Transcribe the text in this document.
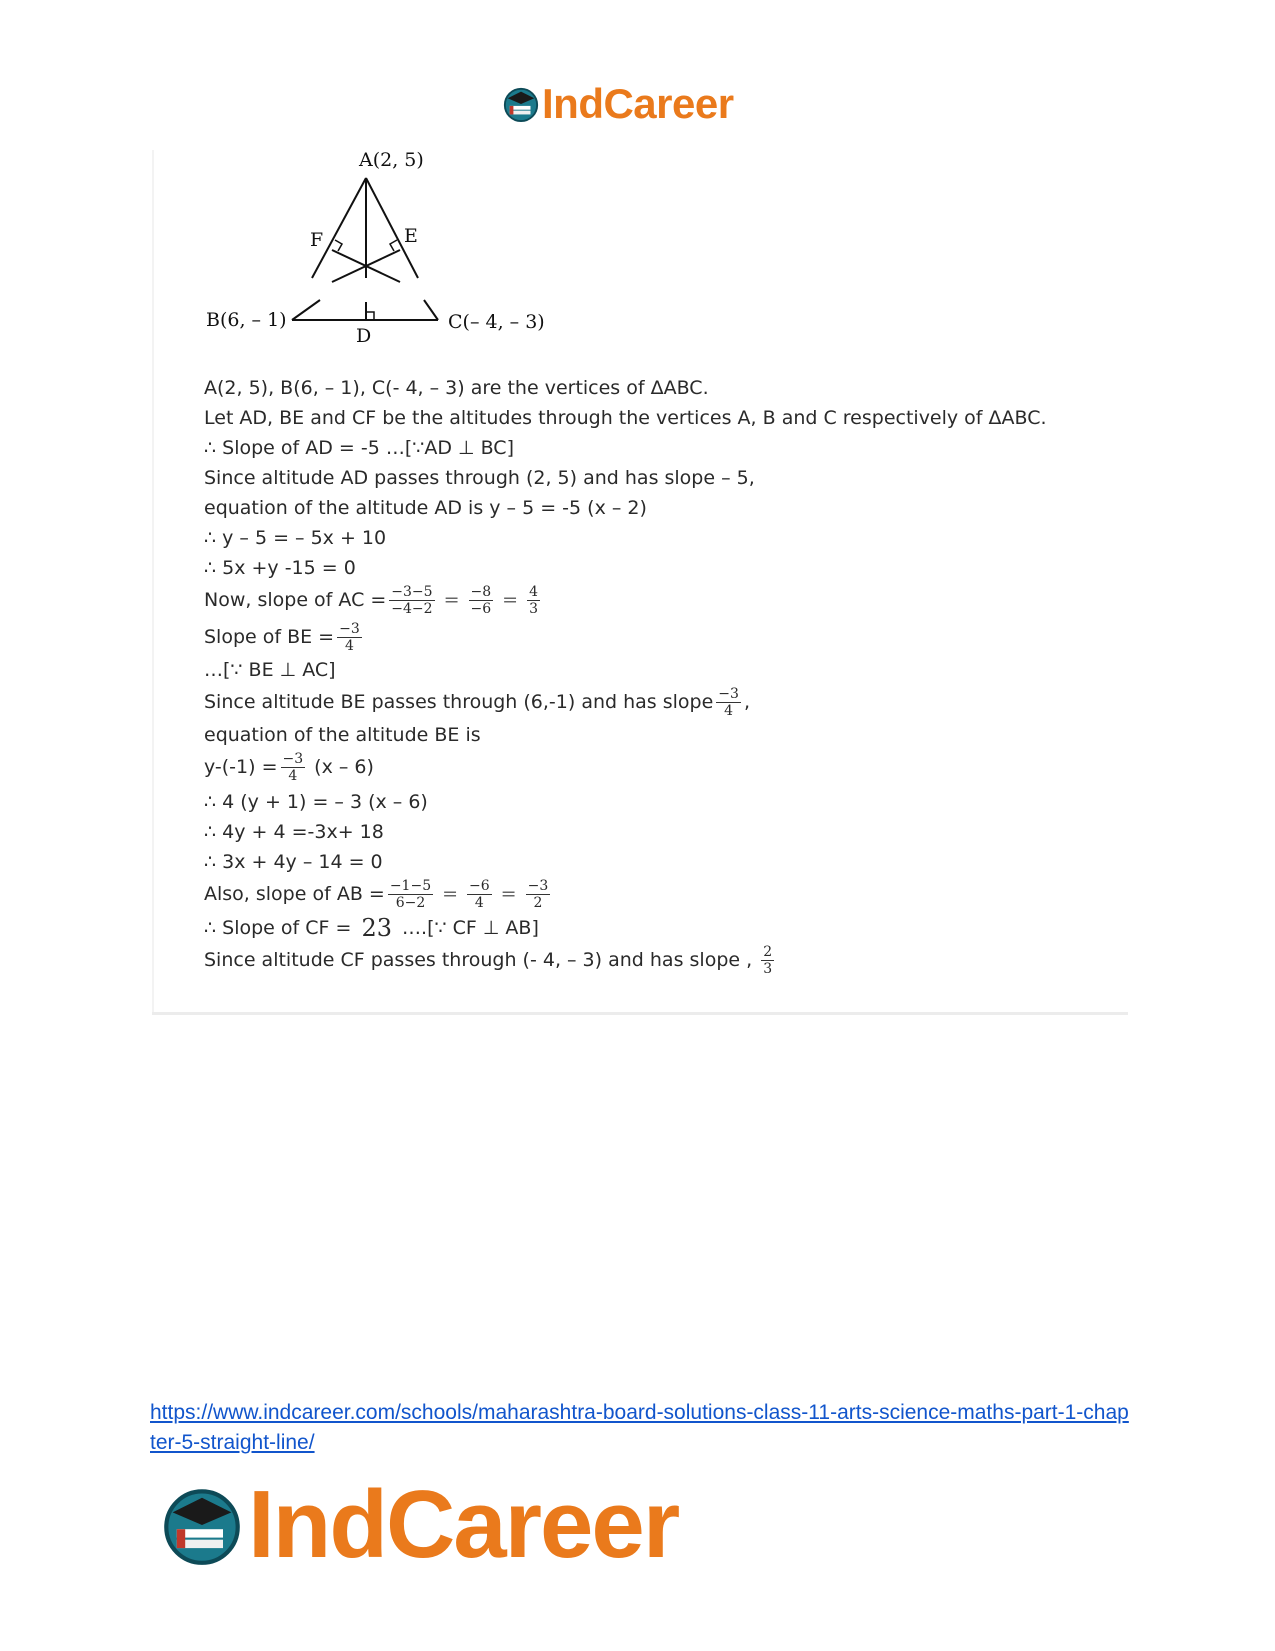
IndCareer
A(2, 5)
F	E
B(6, – 1)
D
C(– 4, – 3)
A(2, 5), B(6, – 1), C(- 4, – 3) are the vertices of ΔABC.
Let AD, BE and CF be the altitudes through the vertices A, B and C respectively of ΔABC.
∴ Slope of AD = -5 …[∵AD ⊥ BC]
Since altitude AD passes through (2, 5) and has slope – 5,
equation of the altitude AD is y – 5 = -5 (x – 2)
∴ y – 5 = – 5x + 10
∴ 5x +y -15 = 0
Now, slope of AC = $\frac{-3-5}{-4-2} = \frac{-8}{-6} = \frac{4}{3}$
Slope of BE = $\frac{-3}{4}$
…[∵ BE ⊥ AC]
Since altitude BE passes through (6,-1) and has slope $\frac{-3}{4}$ ,
equation of the altitude BE is
$y-(-1) = \frac{-3}{4} (x - 6)$
∴ 4 (y + 1) = – 3 (x – 6)
∴ 4y + 4 =-3x+ 18
∴ 3x + 4y – 14 = 0
Also, slope of AB = $\frac{-1-5}{6-2} = \frac{-6}{4} = \frac{-3}{2}$
∴ Slope of CF = 23 ….[∵ CF ⊥ AB]
Since altitude CF passes through (- 4, – 3) and has slope , $\frac{2}{3}$
https://www.indcareer.com/schools/maharashtra-board-solutions-class-11-arts-science-maths-part-1-chapter-5-straight-line/
IndCareer
